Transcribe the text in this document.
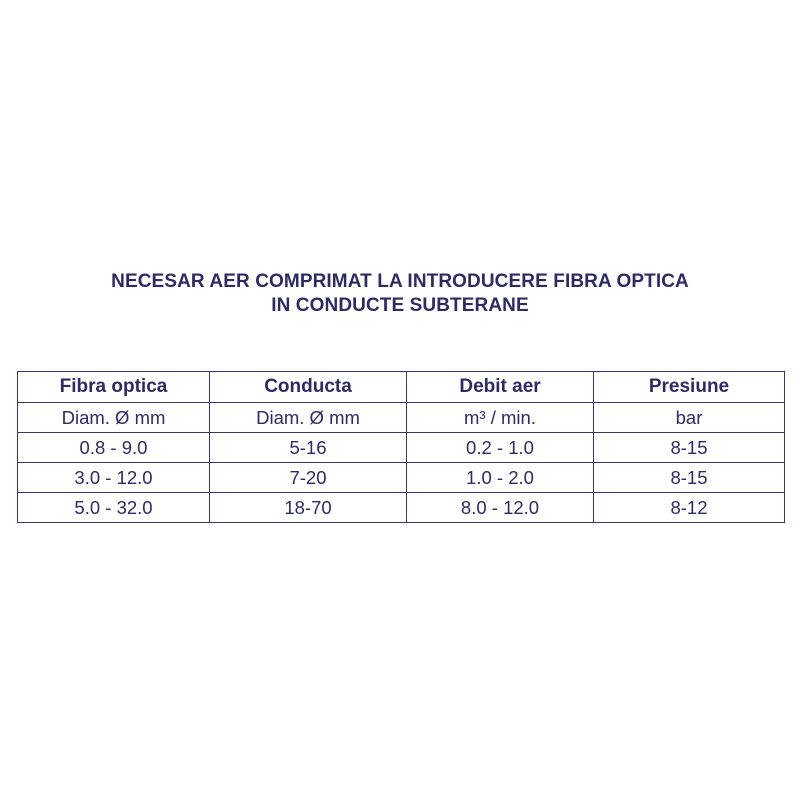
NECESAR AER COMPRIMAT LA INTRODUCERE FIBRA OPTICA
IN CONDUCTE SUBTERANE
Fibra optica	Conducta	Debit aer	Presiune
Diam. Ø mm	Diam. Ø mm	m³ / min.	bar
0.8 - 9.0	5-16	0.2 - 1.0	8-15
3.0 - 12.0	7-20	1.0 - 2.0	8-15
5.0 - 32.0	18-70	8.0 - 12.0	8-12
